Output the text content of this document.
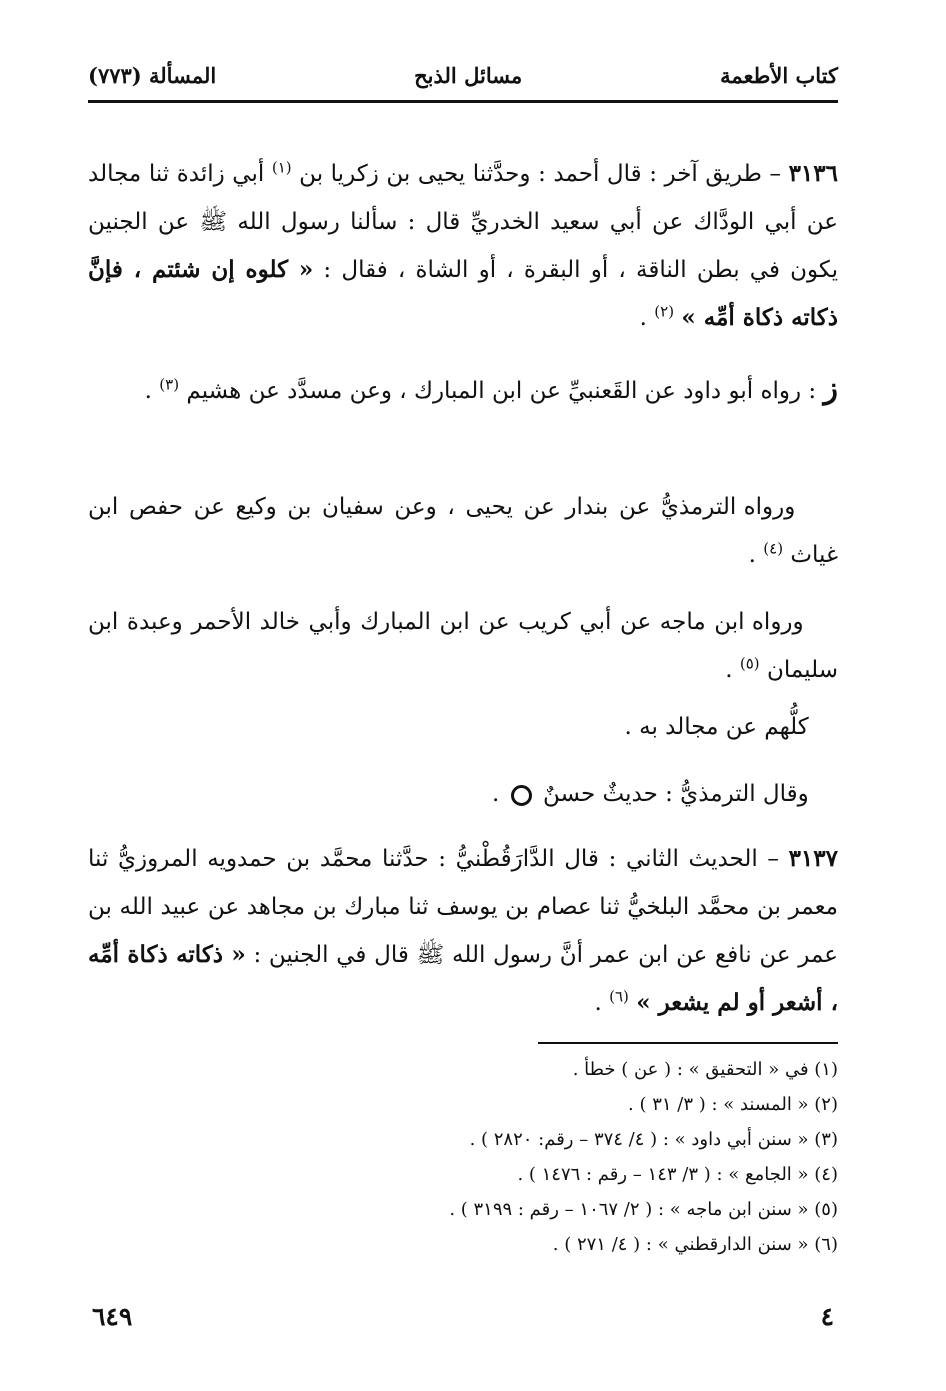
كتاب الأطعمة
مسائل الذبح
المسألة (٧٧٣)
٣١٣٦ – طريق آخر : قال أحمد : وحدَّثنا يحيى بن زكريا بن $^{(١)}$ أبي زائدة ثنا مجالد عن أبي الودَّاك عن أبي سعيد الخدريِّ قال : سألنا رسول الله ﷺ عن الجنين يكون في بطن الناقة ، أو البقرة ، أو الشاة ، فقال : « كلوه إن شئتم ، فإنَّ ذكاته ذكاة أمِّه » $^{(٢)}$ .
ز : رواه أبو داود عن القَعنبيِّ عن ابن المبارك ، وعن مسدَّد عن هشيم $^{(٣)}$ .
ورواه الترمذيُّ عن بندار عن يحيى ، وعن سفيان بن وكيع عن حفص ابن غياث $^{(٤)}$ .
ورواه ابن ماجه عن أبي كريب عن ابن المبارك وأبي خالد الأحمر وعبدة ابن سليمان $^{(٥)}$ .
كلُّهم عن مجالد به .
وقال الترمذيُّ : حديثٌ حسنٌ  .
٣١٣٧ – الحديث الثاني : قال الدَّارَقُطْنيُّ : حدَّثنا محمَّد بن حمدويه المروزيُّ ثنا معمر بن محمَّد البلخيُّ ثنا عصام بن يوسف ثنا مبارك بن مجاهد عن عبيد الله بن عمر عن نافع عن ابن عمر أنَّ رسول الله ﷺ قال في الجنين : « ذكاته ذكاة أمِّه ، أشعر أو لم يشعر » $^{(٦)}$ .
(١) في « التحقيق » : ( عن ) خطأ .
(٢) « المسند » : ( ٣/ ٣١ ) .
(٣) « سنن أبي داود » : ( ٤/ ٣٧٤ – رقم: ٢٨٢٠ ) .
(٤) « الجامع » : ( ٣/ ١٤٣ – رقم : ١٤٧٦ ) .
(٥) « سنن ابن ماجه » : ( ٢/ ١٠٦٧ – رقم : ٣١٩٩ ) .
(٦) « سنن الدارقطني » : ( ٤/ ٢٧١ ) .
٦٤٩	٤
